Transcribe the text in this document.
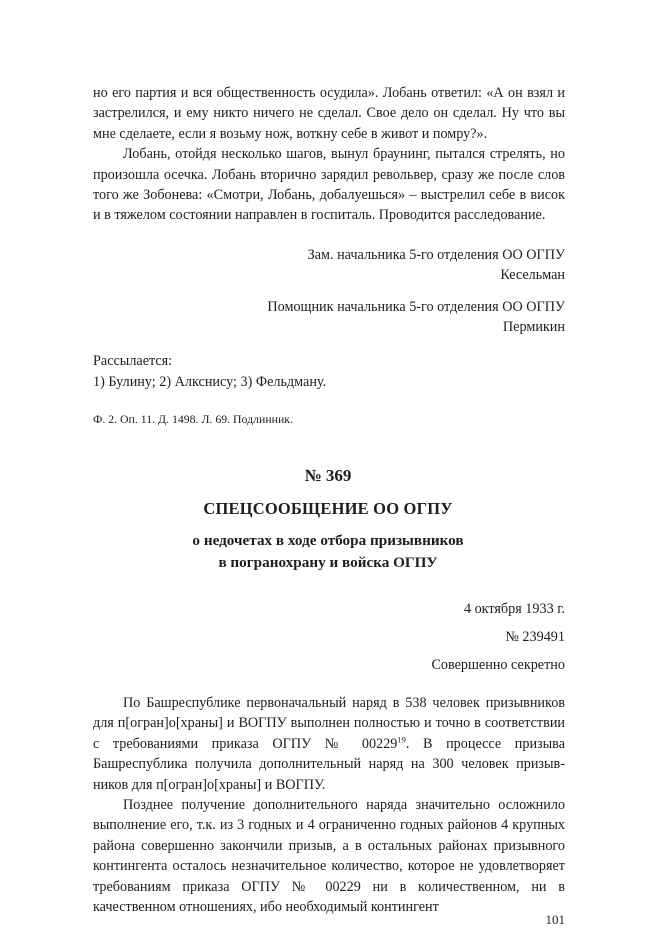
но его партия и вся общественность осудила». Лобань ответил: «А он взял и застрелился, и ему никто ничего не сделал. Свое дело он сделал. Ну что вы мне сделаете, если я возьму нож, воткну себе в живот и помру?».

Лобань, отойдя несколько шагов, вынул браунинг, пытался стрелять, но произошла осечка. Лобань вторично зарядил револьвер, сразу же после слов того же Зобонева: «Смотри, Лобань, добалуешься» – выстрелил себе в висок и в тяжелом состоянии направлен в госпиталь. Проводится расследование.

Зам. начальника 5-го отделения ОО ОГПУ
Кесельман
Помощник начальника 5-го отделения ОО ОГПУ
Пермикин
Рассылается:
1) Булину; 2) Алкснису; 3) Фельдману.
Ф. 2. Оп. 11. Д. 1498. Л. 69. Подлинник.
№ 369
СПЕЦСООБЩЕНИЕ ОО ОГПУ
о недочетах в ходе отбора призывников
в погранохрану и войска ОГПУ
4 октября 1933 г.
№ 239491
Совершенно секретно

По Башреспублике первоначальный наряд в 538 человек призывников для п[огран]о[храны] и ВОГПУ выполнен полностью и точно в соответствии с требованиями приказа ОГПУ № 00229$^{19}$. В процессе призыва Башреспублика получила дополнительный наряд на 300 человек призывников для п[огран]о[храны] и ВОГПУ.

Позднее получение дополнительного наряда значительно осложнило выполнение его, т.к. из 3 годных и 4 ограниченно годных районов 4 крупных района совершенно закончили призыв, а в остальных районах призывного контингента осталось незначительное количество, которое не удовлетворяет требованиям приказа ОГПУ № 00229 ни в количественном, ни в качественном отношениях, ибо необходимый контингент

101
